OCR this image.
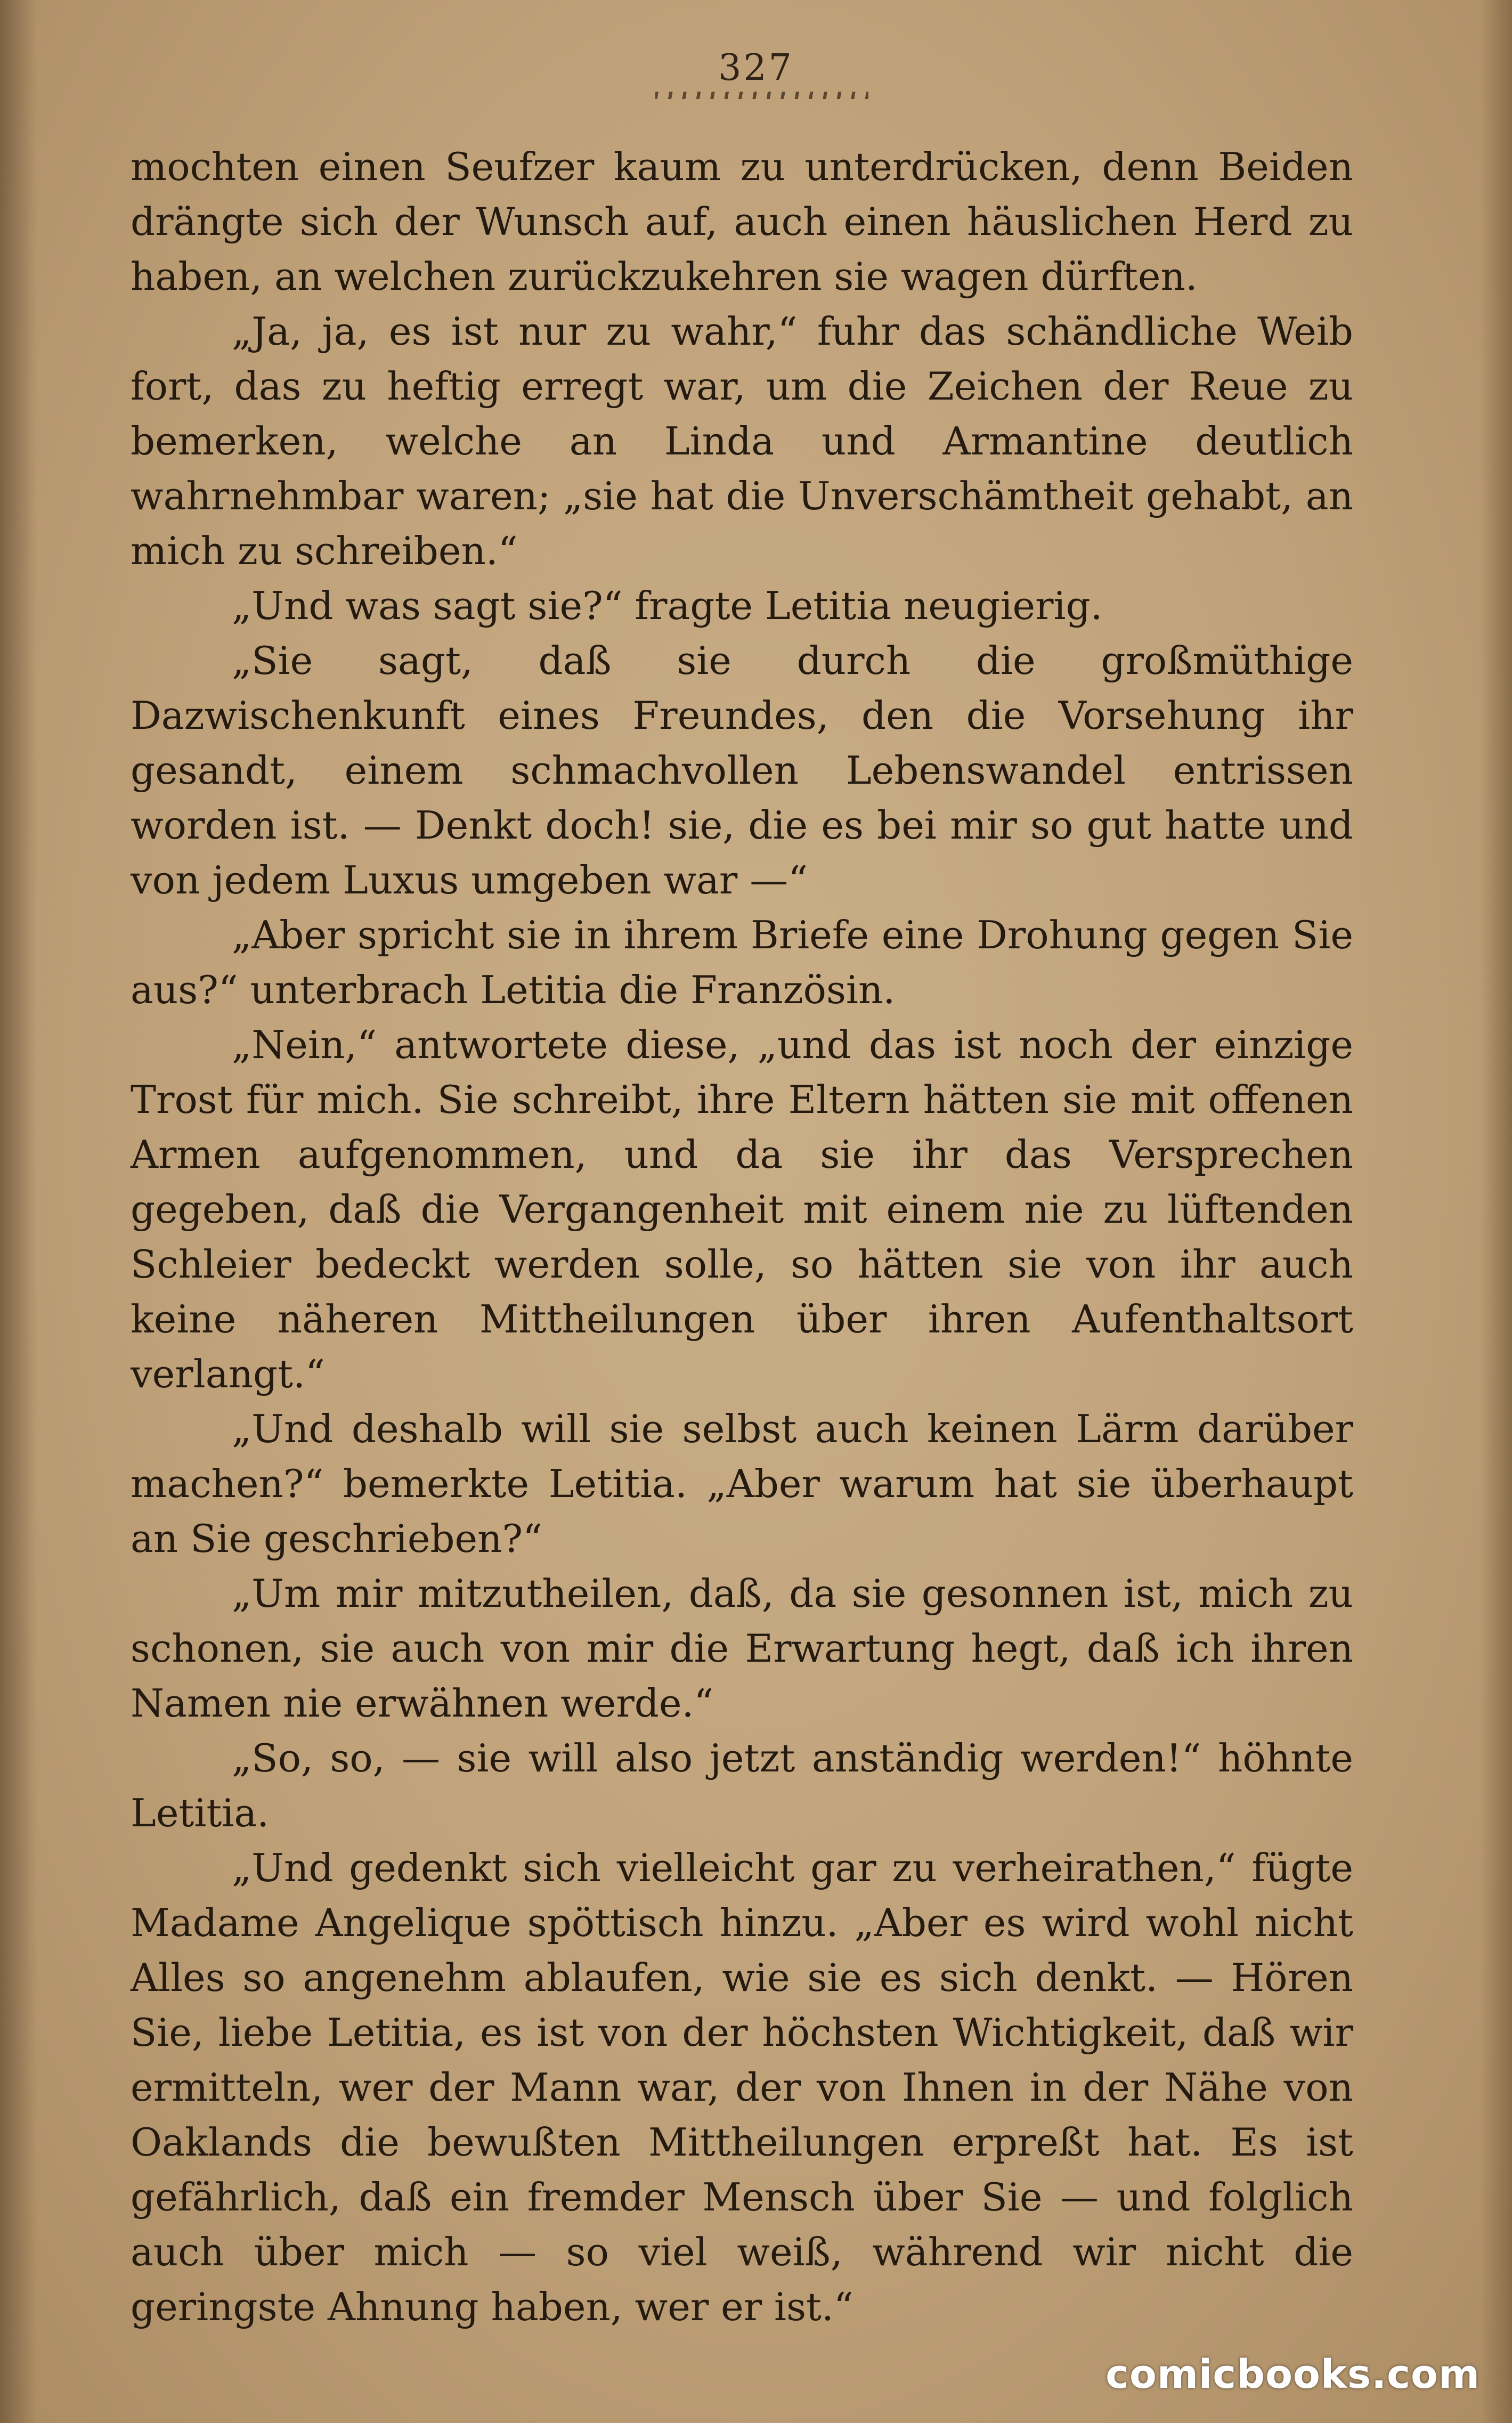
327

mochten einen Seufzer kaum zu unterdrücken, denn Beiden drängte sich der Wunsch auf, auch einen häuslichen Herd zu haben, an welchen zurückzukehren sie wagen dürften.

„Ja, ja, es ist nur zu wahr,“ fuhr das schändliche Weib fort, das zu heftig erregt war, um die Zeichen der Reue zu bemerken, welche an Linda und Armantine deutlich wahrnehmbar waren; „sie hat die Unverschämtheit gehabt, an mich zu schreiben.“

„Und was sagt sie?“ fragte Letitia neugierig.

„Sie sagt, daß sie durch die großmüthige Dazwischenkunft eines Freundes, den die Vorsehung ihr gesandt, einem schmachvollen Lebenswandel entrissen worden ist. — Denkt doch! sie, die es bei mir so gut hatte und von jedem Luxus umgeben war —“

„Aber spricht sie in ihrem Briefe eine Drohung gegen Sie aus?“ unterbrach Letitia die Französin.

„Nein,“ antwortete diese, „und das ist noch der einzige Trost für mich. Sie schreibt, ihre Eltern hätten sie mit offenen Armen aufgenommen, und da sie ihr das Versprechen gegeben, daß die Vergangenheit mit einem nie zu lüftenden Schleier bedeckt werden solle, so hätten sie von ihr auch keine näheren Mittheilungen über ihren Aufenthaltsort verlangt.“

„Und deshalb will sie selbst auch keinen Lärm darüber machen?“ bemerkte Letitia. „Aber warum hat sie überhaupt an Sie geschrieben?“

„Um mir mitzutheilen, daß, da sie gesonnen ist, mich zu schonen, sie auch von mir die Erwartung hegt, daß ich ihren Namen nie erwähnen werde.“

„So, so, — sie will also jetzt anständig werden!“ höhnte Letitia.

„Und gedenkt sich vielleicht gar zu verheirathen,“ fügte Madame Angelique spöttisch hinzu. „Aber es wird wohl nicht Alles so angenehm ablaufen, wie sie es sich denkt. — Hören Sie, liebe Letitia, es ist von der höchsten Wichtigkeit, daß wir ermitteln, wer der Mann war, der von Ihnen in der Nähe von Oaklands die bewußten Mittheilungen erpreßt hat. Es ist gefährlich, daß ein fremder Mensch über Sie — und folglich auch über mich — so viel weiß, während wir nicht die geringste Ahnung haben, wer er ist.“

comicbooks.com
